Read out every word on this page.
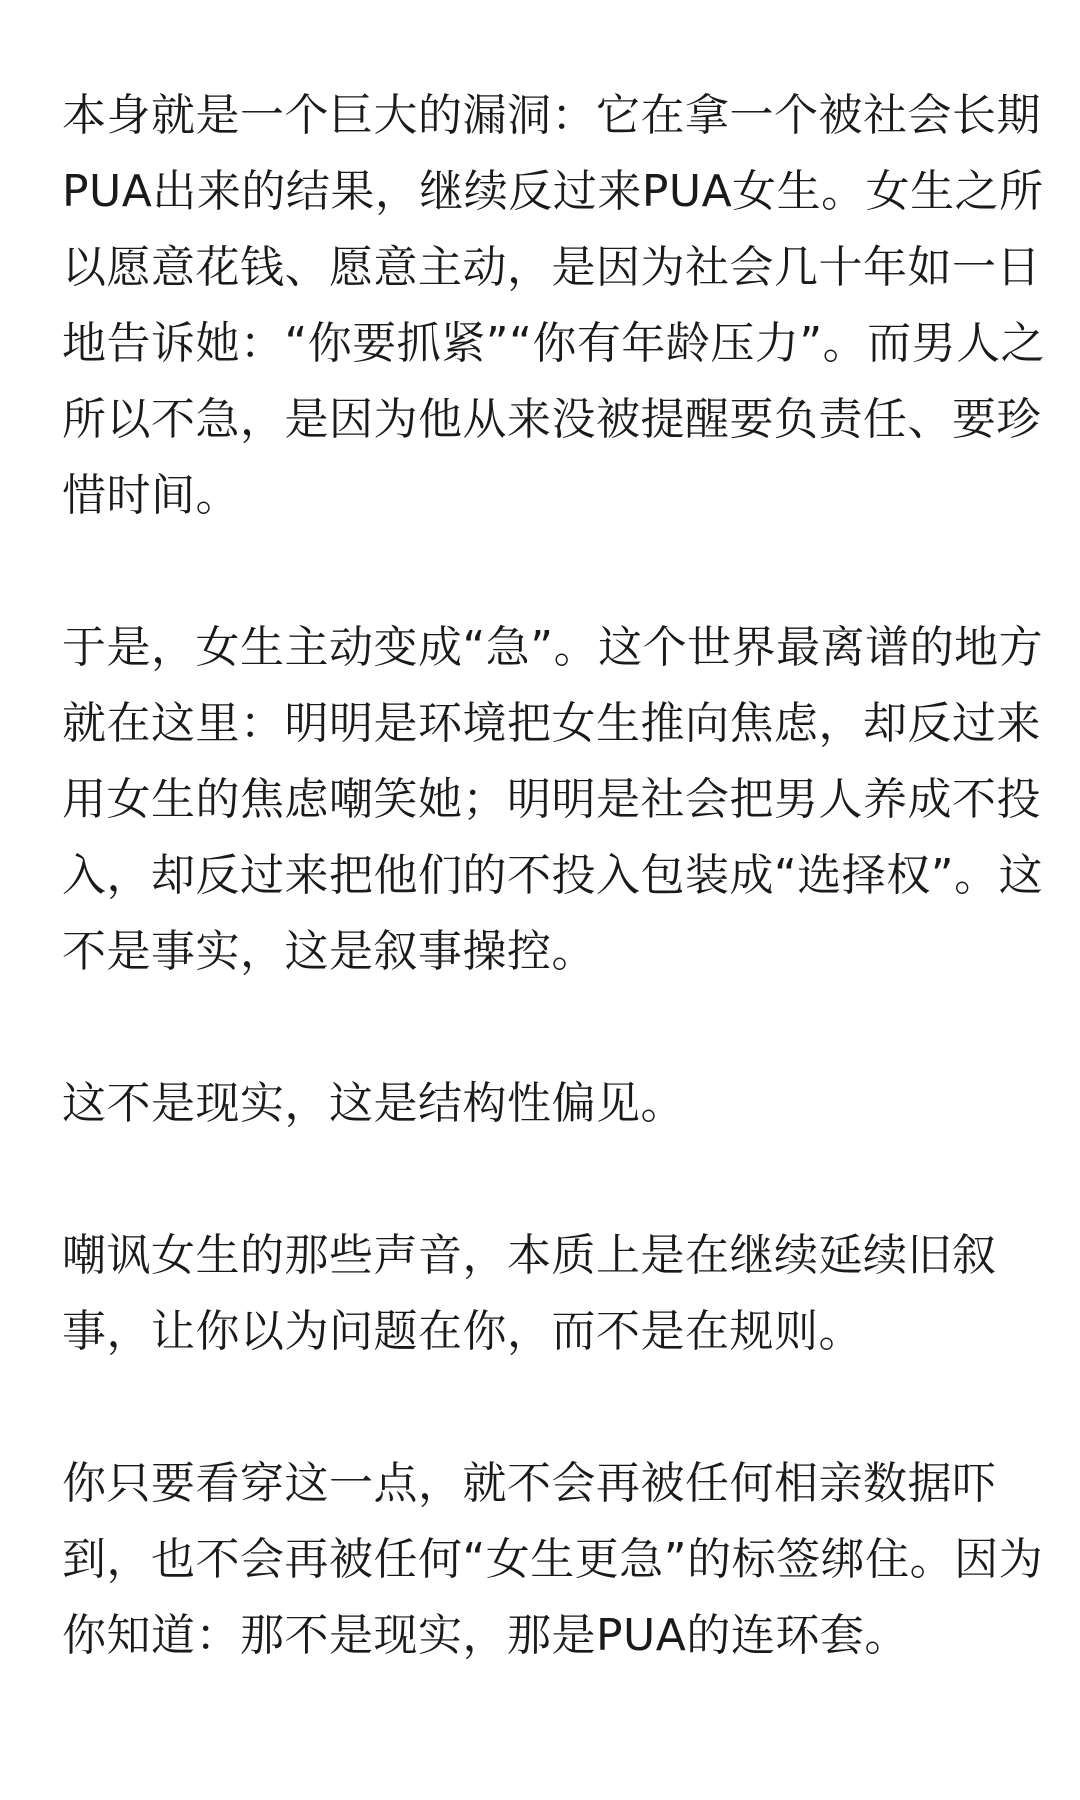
本身就是一个巨大的漏洞：它在拿一个被社会长期
PUA出来的结果，继续反过来PUA女生。女生之所
以愿意花钱、愿意主动，是因为社会几十年如一日
地告诉她：“你要抓紧”“你有年龄压力”。而男人之
所以不急，是因为他从来没被提醒要负责任、要珍
惜时间。
于是，女生主动变成“急”。这个世界最离谱的地方
就在这里：明明是环境把女生推向焦虑，却反过来
用女生的焦虑嘲笑她；明明是社会把男人养成不投
入，却反过来把他们的不投入包装成“选择权”。这
不是事实，这是叙事操控。
这不是现实，这是结构性偏见。
嘲讽女生的那些声音，本质上是在继续延续旧叙
事，让你以为问题在你，而不是在规则。
你只要看穿这一点，就不会再被任何相亲数据吓
到，也不会再被任何“女生更急”的标签绑住。因为
你知道：那不是现实，那是PUA的连环套。
